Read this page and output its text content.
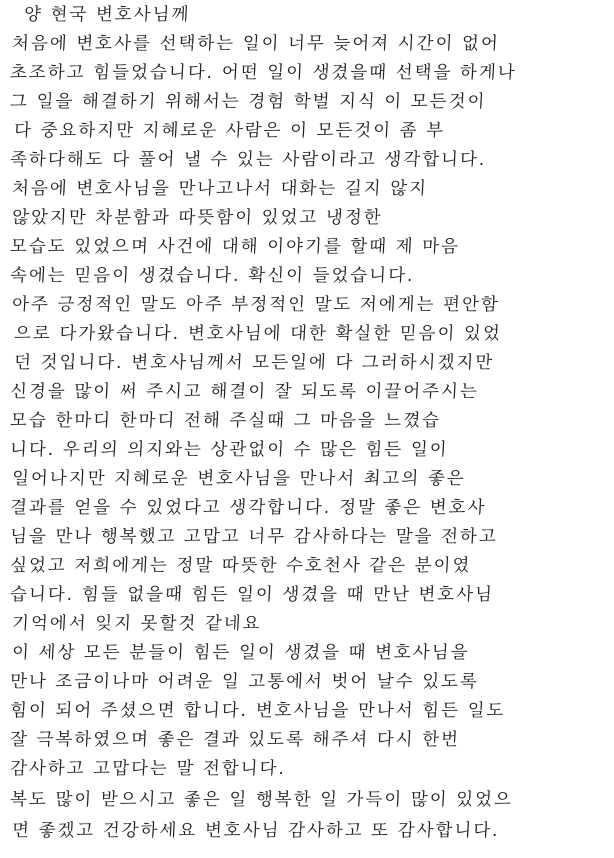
양 현국 변호사님께
처음에 변호사를 선택하는 일이 너무 늦어져 시간이 없어
초조하고 힘들었습니다. 어떤 일이 생겼을때 선택을 하게나
그 일을 해결하기 위해서는 경험 학벌 지식 이 모든것이
다 중요하지만 지혜로운 사람은 이 모든것이 좀 부
족하다해도 다 풀어 낼 수 있는 사람이라고 생각합니다.
처음에 변호사님을 만나고나서 대화는 길지 않지
않았지만 차분함과 따뜻함이 있었고 냉정한
모습도 있었으며 사건에 대해 이야기를 할때 제 마음
속에는 믿음이 생겼습니다. 확신이 들었습니다.
아주 긍정적인 말도 아주 부정적인 말도 저에게는 편안함
으로 다가왔습니다. 변호사님에 대한 확실한 믿음이 있었
던 것입니다. 변호사님께서 모든일에 다 그러하시겠지만
신경을 많이 써 주시고 해결이 잘 되도록 이끌어주시는
모습 한마디 한마디 전해 주실때 그 마음을 느꼈습
니다. 우리의 의지와는 상관없이 수 많은 힘든 일이
일어나지만 지혜로운 변호사님을 만나서 최고의 좋은
결과를 얻을 수 있었다고 생각합니다. 정말 좋은 변호사
님을 만나 행복했고 고맙고 너무 감사하다는 말을 전하고
싶었고 저희에게는 정말 따뜻한 수호천사 같은 분이였
습니다. 힘들 없을때 힘든 일이 생겼을 때 만난 변호사님
기억에서 잊지 못할것 같네요
이 세상 모든 분들이 힘든 일이 생겼을 때 변호사님을
만나 조금이나마 어려운 일 고통에서 벗어 날수 있도록
힘이 되어 주셨으면 합니다. 변호사님을 만나서 힘든 일도
잘 극복하였으며 좋은 결과 있도록 해주셔 다시 한번
감사하고 고맙다는 말 전합니다.
복도 많이 받으시고 좋은 일 행복한 일 가득이 많이 있었으
면 좋겠고 건강하세요 변호사님 감사하고 또 감사합니다.
